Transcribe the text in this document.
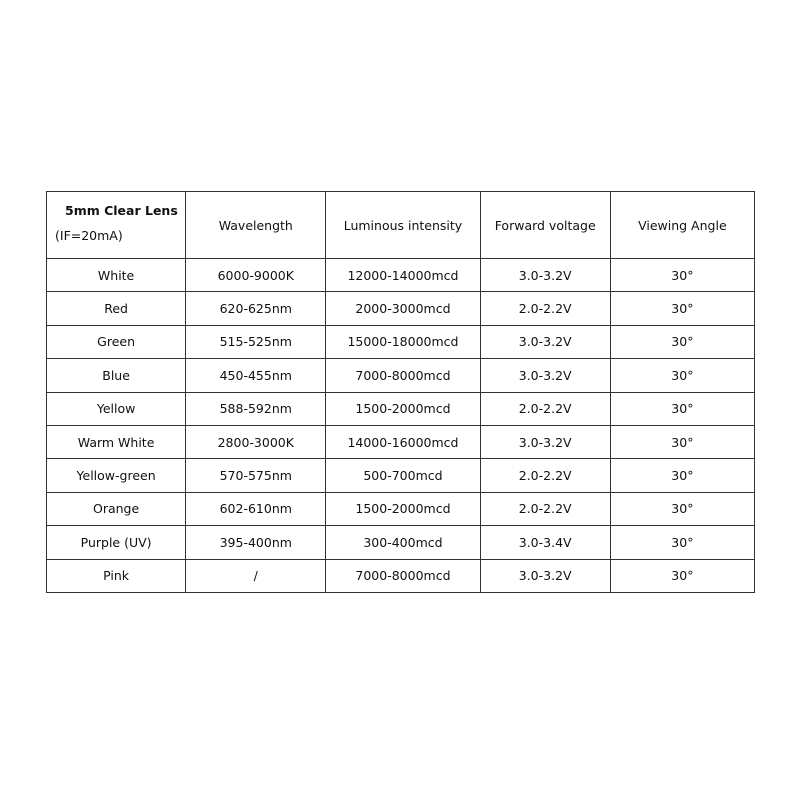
5mm Clear Lens
(IF=20mA)	Wavelength	Luminous intensity	Forward voltage	Viewing Angle
White	6000-9000K	12000-14000mcd	3.0-3.2V	30°
Red	620-625nm	2000-3000mcd	2.0-2.2V	30°
Green	515-525nm	15000-18000mcd	3.0-3.2V	30°
Blue	450-455nm	7000-8000mcd	3.0-3.2V	30°
Yellow	588-592nm	1500-2000mcd	2.0-2.2V	30°
Warm White	2800-3000K	14000-16000mcd	3.0-3.2V	30°
Yellow-green	570-575nm	500-700mcd	2.0-2.2V	30°
Orange	602-610nm	1500-2000mcd	2.0-2.2V	30°
Purple (UV)	395-400nm	300-400mcd	3.0-3.4V	30°
Pink	/	7000-8000mcd	3.0-3.2V	30°
